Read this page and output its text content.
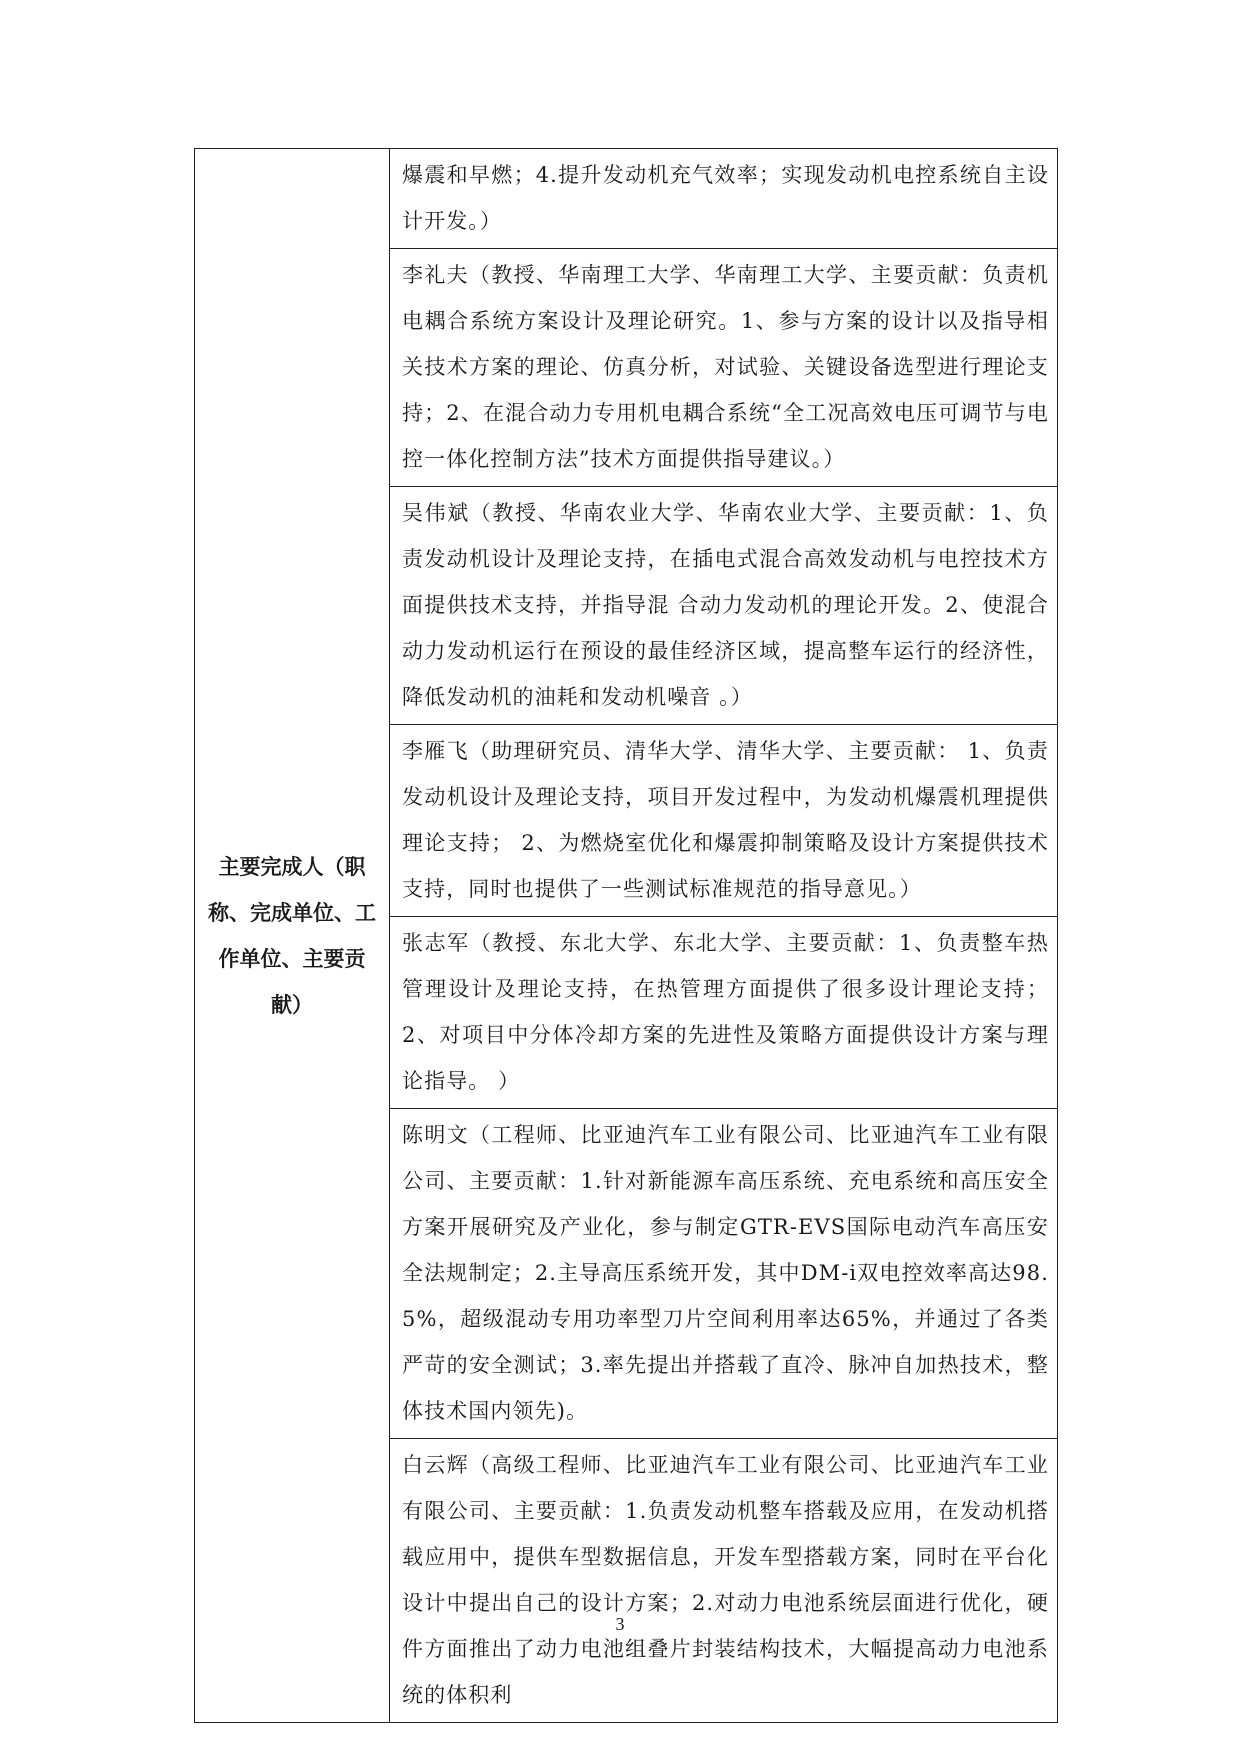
主要完成人（职称、完成单位、工作单位、主要贡献）

爆震和早燃；4.提升发动机充气效率；实现发动机电控系统自主设计开发。）

李礼夫（教授、华南理工大学、华南理工大学、主要贡献：负责机电耦合系统方案设计及理论研究。1、参与方案的设计以及指导相关技术方案的理论、仿真分析，对试验、关键设备选型进行理论支持；2、在混合动力专用机电耦合系统“全工况高效电压可调节与电控一体化控制方法”技术方面提供指导建议。）

吴伟斌（教授、华南农业大学、华南农业大学、主要贡献：1、负责发动机设计及理论支持，在插电式混合高效发动机与电控技术方面提供技术支持，并指导混 合动力发动机的理论开发。2、使混合动力发动机运行在预设的最佳经济区域，提高整车运行的经济性，降低发动机的油耗和发动机噪音 。）

李雁飞（助理研究员、清华大学、清华大学、主要贡献： 1、负责发动机设计及理论支持，项目开发过程中，为发动机爆震机理提供理论支持； 2、为燃烧室优化和爆震抑制策略及设计方案提供技术支持，同时也提供了一些测试标准规范的指导意见。）

张志军（教授、东北大学、东北大学、主要贡献：1、负责整车热管理设计及理论支持，在热管理方面提供了很多设计理论支持；2、对项目中分体冷却方案的先进性及策略方面提供设计方案与理论指导。 ）

陈明文（工程师、比亚迪汽车工业有限公司、比亚迪汽车工业有限公司、主要贡献：1.针对新能源车高压系统、充电系统和高压安全方案开展研究及产业化，参与制定GTR-EVS国际电动汽车高压安全法规制定；2.主导高压系统开发，其中DM-i双电控效率高达98.5%，超级混动专用功率型刀片空间利用率达65%，并通过了各类严苛的安全测试；3.率先提出并搭载了直冷、脉冲自加热技术，整体技术国内领先)。

白云辉（高级工程师、比亚迪汽车工业有限公司、比亚迪汽车工业有限公司、主要贡献：1.负责发动机整车搭载及应用，在发动机搭载应用中，提供车型数据信息，开发车型搭载方案，同时在平台化设计中提出自己的设计方案；2.对动力电池系统层面进行优化，硬件方面推出了动力电池组叠片封装结构技术，大幅提高动力电池系统的体积利
3
